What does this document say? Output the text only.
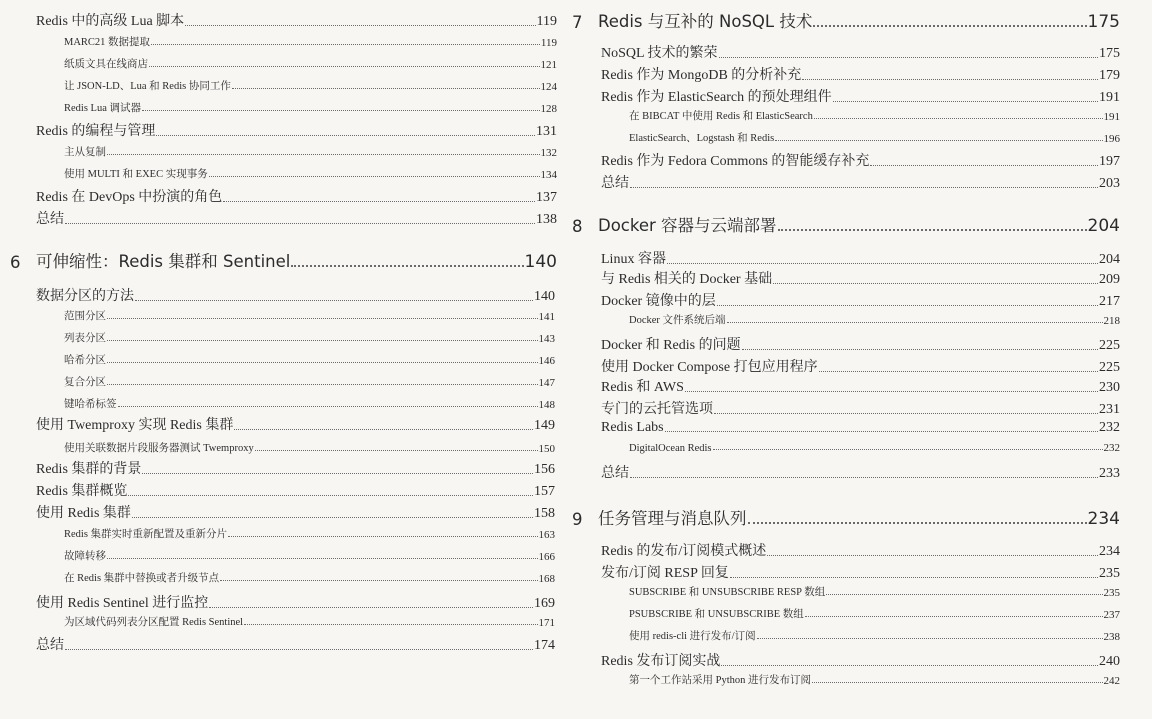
Redis 中的高级 Lua 脚本	119
MARC21 数据提取	119
纸质文具在线商店	121
让 JSON-LD、Lua 和 Redis 协同工作	124
Redis Lua 调试器	128
Redis 的编程与管理	131
主从复制	132
使用 MULTI 和 EXEC 实现事务	134
Redis 在 DevOps 中扮演的角色	137
总结	138
6 可伸缩性：Redis 集群和 Sentinel	140
数据分区的方法	140
范围分区	141
列表分区	143
哈希分区	146
复合分区	147
键哈希标签	148
使用 Twemproxy 实现 Redis 集群	149
使用关联数据片段服务器测试 Twemproxy	150
Redis 集群的背景	156
Redis 集群概览	157
使用 Redis 集群	158
Redis 集群实时重新配置及重新分片	163
故障转移	166
在 Redis 集群中替换或者升级节点	168
使用 Redis Sentinel 进行监控	169
为区域代码列表分区配置 Redis Sentinel	171
总结	174
7 Redis 与互补的 NoSQL 技术	175
NoSQL 技术的繁荣	175
Redis 作为 MongoDB 的分析补充	179
Redis 作为 ElasticSearch 的预处理组件	191
在 BIBCAT 中使用 Redis 和 ElasticSearch	191
ElasticSearch、Logstash 和 Redis	196
Redis 作为 Fedora Commons 的智能缓存补充	197
总结	203
8 Docker 容器与云端部署	204
Linux 容器	204
与 Redis 相关的 Docker 基础	209
Docker 镜像中的层	217
Docker 文件系统后端	218
Docker 和 Redis 的问题	225
使用 Docker Compose 打包应用程序	225
Redis 和 AWS	230
专门的云托管选项	231
Redis Labs	232
DigitalOcean Redis	232
总结	233
9 任务管理与消息队列	234
Redis 的发布/订阅模式概述	234
发布/订阅 RESP 回复	235
SUBSCRIBE 和 UNSUBSCRIBE RESP 数组	235
PSUBSCRIBE 和 UNSUBSCRIBE 数组	237
使用 redis-cli 进行发布/订阅	238
Redis 发布订阅实战	240
第一个工作站采用 Python 进行发布订阅	242
